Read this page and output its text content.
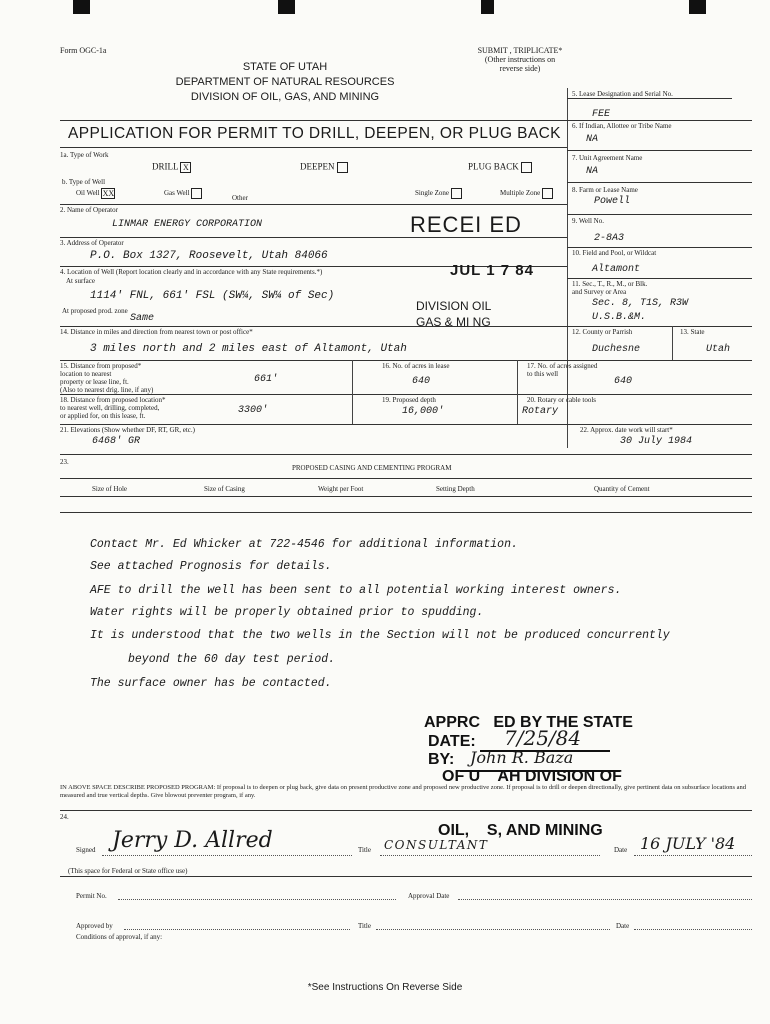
Form OGC-1a
STATE OF UTAH
DEPARTMENT OF NATURAL RESOURCES
DIVISION OF OIL, GAS, AND MINING
SUBMIT , TRIPLICATE*
(Other instructions on
reverse side)
5. Lease Designation and Serial No.
FEE
6. If Indian, Allottee or Tribe Name
NA
7. Unit Agreement Name
NA
8. Farm or Lease Name
Powell
9. Well No.
2-8A3
10. Field and Pool, or Wildcat
Altamont
11. Sec., T., R., M., or Blk.
and Survey or Area
Sec. 8, T1S, R3W
U.S.B.&M.
12. County or Parrish	13. State
Duchesne	Utah
APPLICATION FOR PERMIT TO DRILL, DEEPEN, OR PLUG BACK
1a. Type of Work
DRILL X	DEEPEN	PLUG BACK
b. Type of Well
Oil Well XX	Gas Well
Other
Single Zone	Multiple Zone
2. Name of Operator
LINMAR ENERGY CORPORATION	RECEI ED
3. Address of Operator
P.O. Box 1327, Roosevelt, Utah 84066
4. Location of Well (Report location clearly and in accordance with any State requirements.*)	JUL 1 7 84
At surface
1114' FNL, 661' FSL (SW¼, SW¼ of Sec)
DIVISION OIL
GAS & MI NG
At proposed prod. zone
Same
14. Distance in miles and direction from nearest town or post office*
3 miles north and 2 miles east of Altamont, Utah
15. Distance from proposed*
location to nearest
property or lease line, ft.
(Also to nearest drig. line, if any)
661'
16. No. of acres in lease
640
17. No. of acres assigned
to this well
640
18. Distance from proposed location*
to nearest well, drilling, completed,
or applied for, on this lease, ft.	3300'
19. Proposed depth
16,000'
20. Rotary or cable tools
Rotary
21. Elevations (Show whether DF, RT, GR, etc.)
6468' GR
22. Approx. date work will start*
30 July 1984
23.
PROPOSED CASING AND CEMENTING PROGRAM
Size of Hole	Size of Casing	Weight per Foot	Setting Depth	Quantity of Cement
Contact Mr. Ed Whicker at 722-4546 for additional information.
See attached Prognosis for details.
AFE to drill the well has been sent to all potential working interest owners.
Water rights will be properly obtained prior to spudding.
It is understood that the two wells in the Section will not be produced concurrently
beyond the 60 day test period.
The surface owner has be contacted.

APPRC   ED BY THE STATE

OF U    AH DIVISION OF

OIL,    S, AND MINING

DATE: 7/25/84
BY: John R. Baza
IN ABOVE SPACE DESCRIBE PROPOSED PROGRAM: If proposal is to deepen or plug back, give data on present productive zone and proposed new productive zone. If proposal is to drill or deepen directionally, give pertinent data on subsurface locations and measured and true vertical depths. Give blowout preventer program, if any.
24.
Signed Jerry D. Allred	Title CONSULTANT	Date 16 JULY '84
(This space for Federal or State office use)
Permit No.	Approval Date
Approved by	Title	Date
Conditions of approval, if any:
*See Instructions On Reverse Side
